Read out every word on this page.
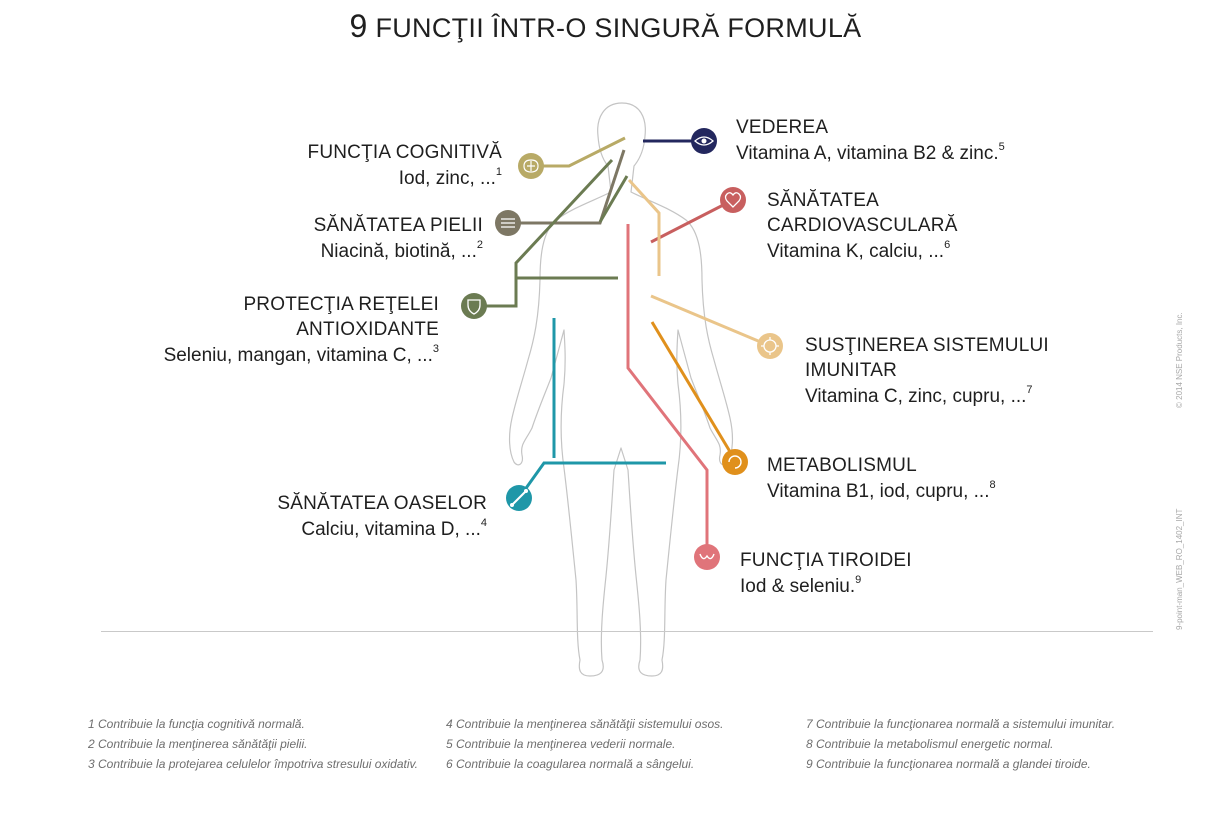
9 FUNCŢII ÎNTR-O SINGURĂ FORMULĂ
FUNCŢIA COGNITIVĂ
Iod, zinc, ...$^1$
SĂNĂTATEA PIELII
Niacină, biotină, ...$^2$
PROTECŢIA REŢELEI
ANTIOXIDANTE
Seleniu, mangan, vitamina C, ...$^3$
SĂNĂTATEA OASELOR
Calciu, vitamina D, ...$^4$
VEDEREA
Vitamina A, vitamina B2 & zinc.$^5$
SĂNĂTATEA
CARDIOVASCULARĂ
Vitamina K, calciu, ...$^6$
SUSŢINEREA SISTEMULUI
IMUNITAR
Vitamina C, zinc, cupru, ...$^7$
METABOLISMUL
Vitamina B1, iod, cupru, ...$^8$
FUNCŢIA TIROIDEI
Iod & seleniu.$^9$
© 2014 NSE Products, Inc.
9-point-man_WEB_RO_1402_INT
1 Contribuie la funcţia cognitivă normală.
2 Contribuie la menţinerea sănătăţii pielii.
3 Contribuie la protejarea celulelor împotriva stresului oxidativ.
4 Contribuie la menţinerea sănătăţii sistemului osos.
5 Contribuie la menţinerea vederii normale.
6 Contribuie la coagularea normală a sângelui.
7 Contribuie la funcţionarea normală a sistemului imunitar.
8 Contribuie la metabolismul energetic normal.
9 Contribuie la funcţionarea normală a glandei tiroide.
